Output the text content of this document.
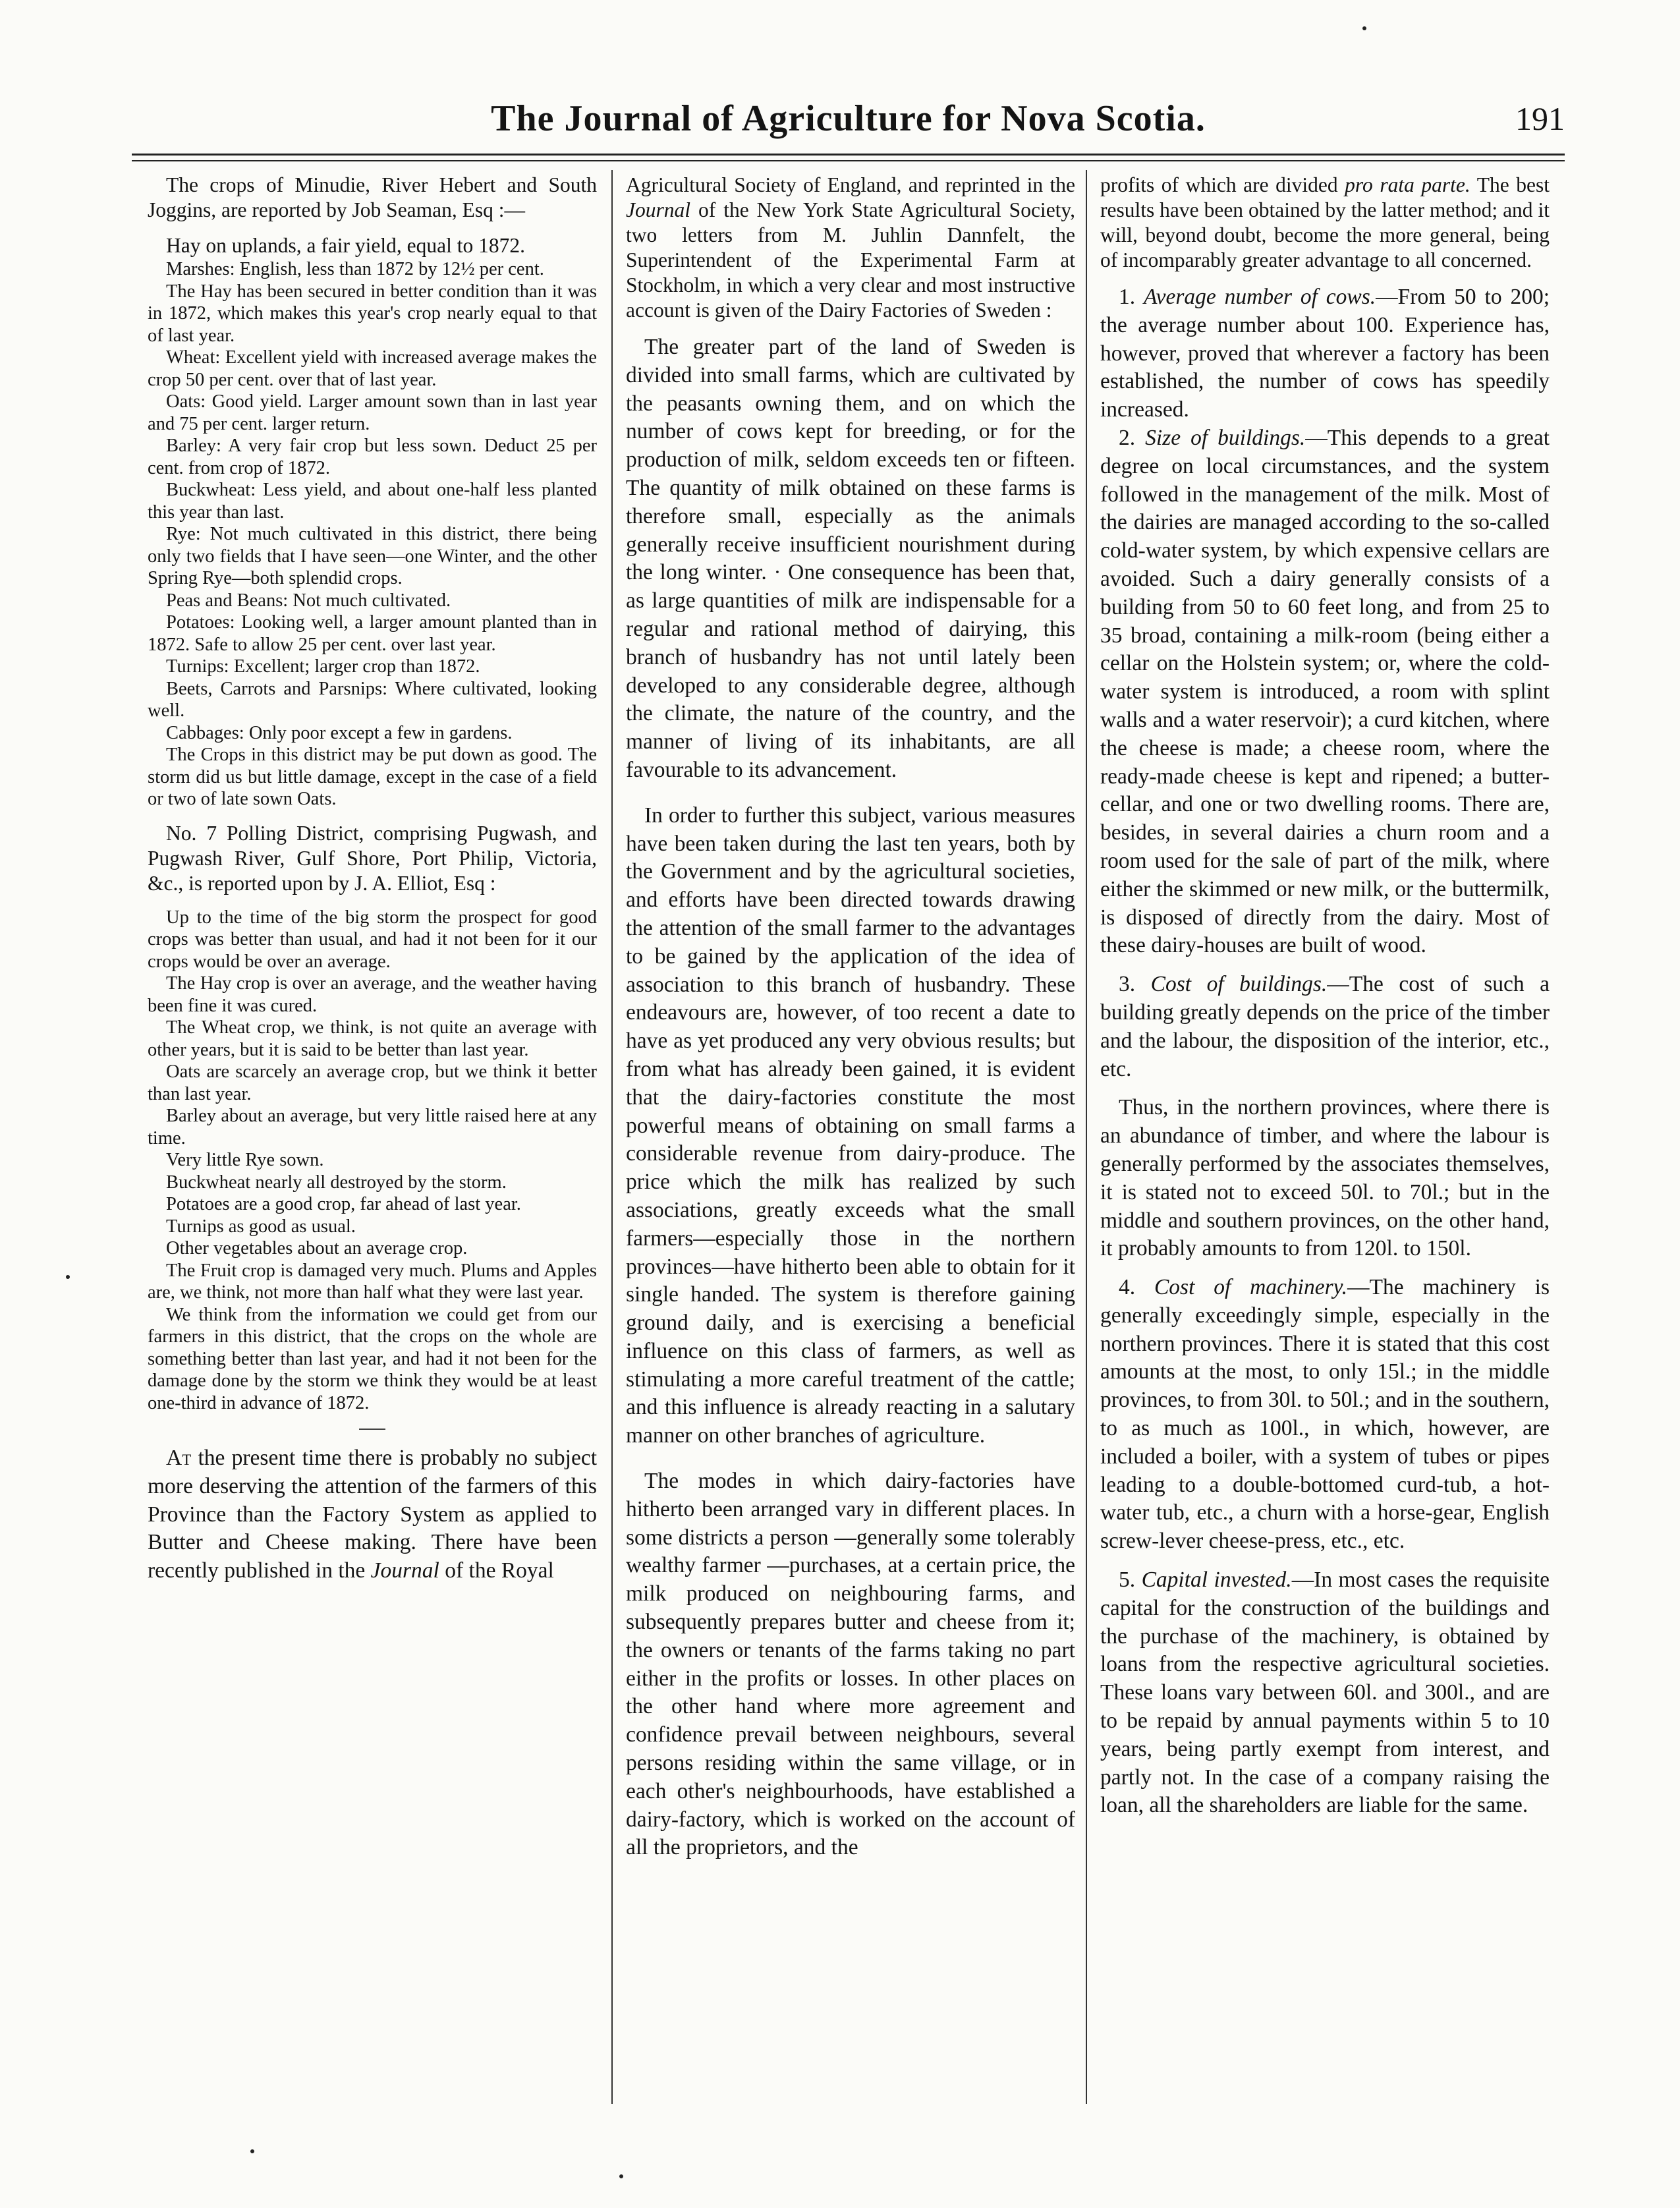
The Journal of Agriculture for Nova Scotia.	191

The crops of Minudie, River Hebert and South Joggins, are reported by Job Seaman, Esq :—

Hay on uplands, a fair yield, equal to 1872.

Marshes: English, less than 1872 by 12½ per cent.

The Hay has been secured in better condition than it was in 1872, which makes this year's crop nearly equal to that of last year.

Wheat: Excellent yield with increased average makes the crop 50 per cent. over that of last year.

Oats: Good yield. Larger amount sown than in last year and 75 per cent. larger return.

Barley: A very fair crop but less sown. Deduct 25 per cent. from crop of 1872.

Buckwheat: Less yield, and about one-half less planted this year than last.

Rye: Not much cultivated in this district, there being only two fields that I have seen—one Winter, and the other Spring Rye—both splendid crops.

Peas and Beans: Not much cultivated.

Potatoes: Looking well, a larger amount planted than in 1872. Safe to allow 25 per cent. over last year.

Turnips: Excellent; larger crop than 1872.

Beets, Carrots and Parsnips: Where cultivated, looking well.

Cabbages: Only poor except a few in gardens.

The Crops in this district may be put down as good. The storm did us but little damage, except in the case of a field or two of late sown Oats.

No. 7 Polling District, comprising Pugwash, and Pugwash River, Gulf Shore, Port Philip, Victoria, &c., is reported upon by J. A. Elliot, Esq :

Up to the time of the big storm the prospect for good crops was better than usual, and had it not been for it our crops would be over an average.

The Hay crop is over an average, and the weather having been fine it was cured.

The Wheat crop, we think, is not quite an average with other years, but it is said to be better than last year.

Oats are scarcely an average crop, but we think it better than last year.

Barley about an average, but very little raised here at any time.

Very little Rye sown.

Buckwheat nearly all destroyed by the storm.

Potatoes are a good crop, far ahead of last year.

Turnips as good as usual.

Other vegetables about an average crop.

The Fruit crop is damaged very much. Plums and Apples are, we think, not more than half what they were last year.

We think from the information we could get from our farmers in this district, that the crops on the whole are something better than last year, and had it not been for the damage done by the storm we think they would be at least one-third in advance of 1872.

At the present time there is probably no subject more deserving the attention of the farmers of this Province than the Factory System as applied to Butter and Cheese making. There have been recently published in the Journal of the Royal

Agricultural Society of England, and reprinted in the Journal of the New York State Agricultural Society, two letters from M. Juhlin Dannfelt, the Superintendent of the Experimental Farm at Stockholm, in which a very clear and most instructive account is given of the Dairy Factories of Sweden :

The greater part of the land of Sweden is divided into small farms, which are cultivated by the peasants owning them, and on which the number of cows kept for breeding, or for the production of milk, seldom exceeds ten or fifteen. The quantity of milk obtained on these farms is therefore small, especially as the animals generally receive insufficient nourishment during the long winter. · One consequence has been that, as large quantities of milk are indispensable for a regular and rational method of dairying, this branch of husbandry has not until lately been developed to any considerable degree, although the climate, the nature of the country, and the manner of living of its inhabitants, are all favourable to its advancement.

In order to further this subject, various measures have been taken during the last ten years, both by the Government and by the agricultural societies, and efforts have been directed towards drawing the attention of the small farmer to the advantages to be gained by the application of the idea of association to this branch of husbandry. These endeavours are, however, of too recent a date to have as yet produced any very obvious results; but from what has already been gained, it is evident that the dairy-factories constitute the most powerful means of obtaining on small farms a considerable revenue from dairy-produce. The price which the milk has realized by such associations, greatly exceeds what the small farmers—especially those in the northern provinces—have hitherto been able to obtain for it single handed. The system is therefore gaining ground daily, and is exercising a beneficial influence on this class of farmers, as well as stimulating a more careful treatment of the cattle; and this influence is already reacting in a salutary manner on other branches of agriculture.

The modes in which dairy-factories have hitherto been arranged vary in different places. In some districts a person —generally some tolerably wealthy farmer —purchases, at a certain price, the milk produced on neighbouring farms, and subsequently prepares butter and cheese from it; the owners or tenants of the farms taking no part either in the profits or losses. In other places on the other hand where more agreement and confidence prevail between neighbours, several persons residing within the same village, or in each other's neighbourhoods, have established a dairy-factory, which is worked on the account of all the proprietors, and the

profits of which are divided pro rata parte. The best results have been obtained by the latter method; and it will, beyond doubt, become the more general, being of incomparably greater advantage to all concerned.

1. Average number of cows.—From 50 to 200; the average number about 100. Experience has, however, proved that wherever a factory has been established, the number of cows has speedily increased.

2. Size of buildings.—This depends to a great degree on local circumstances, and the system followed in the management of the milk. Most of the dairies are managed according to the so-called cold-water system, by which expensive cellars are avoided. Such a dairy generally consists of a building from 50 to 60 feet long, and from 25 to 35 broad, containing a milk-room (being either a cellar on the Holstein system; or, where the cold-water system is introduced, a room with splint walls and a water reservoir); a curd kitchen, where the cheese is made; a cheese room, where the ready-made cheese is kept and ripened; a butter-cellar, and one or two dwelling rooms. There are, besides, in several dairies a churn room and a room used for the sale of part of the milk, where either the skimmed or new milk, or the buttermilk, is disposed of directly from the dairy. Most of these dairy-houses are built of wood.

3. Cost of buildings.—The cost of such a building greatly depends on the price of the timber and the labour, the disposition of the interior, etc., etc.

Thus, in the northern provinces, where there is an abundance of timber, and where the labour is generally performed by the associates themselves, it is stated not to exceed 50l. to 70l.; but in the middle and southern provinces, on the other hand, it probably amounts to from 120l. to 150l.

4. Cost of machinery.—The machinery is generally exceedingly simple, especially in the northern provinces. There it is stated that this cost amounts at the most, to only 15l.; in the middle provinces, to from 30l. to 50l.; and in the southern, to as much as 100l., in which, however, are included a boiler, with a system of tubes or pipes leading to a double-bottomed curd-tub, a hot-water tub, etc., a churn with a horse-gear, English screw-lever cheese-press, etc., etc.

5. Capital invested.—In most cases the requisite capital for the construction of the buildings and the purchase of the machinery, is obtained by loans from the respective agricultural societies. These loans vary between 60l. and 300l., and are to be repaid by annual payments within 5 to 10 years, being partly exempt from interest, and partly not. In the case of a company raising the loan, all the shareholders are liable for the same.
